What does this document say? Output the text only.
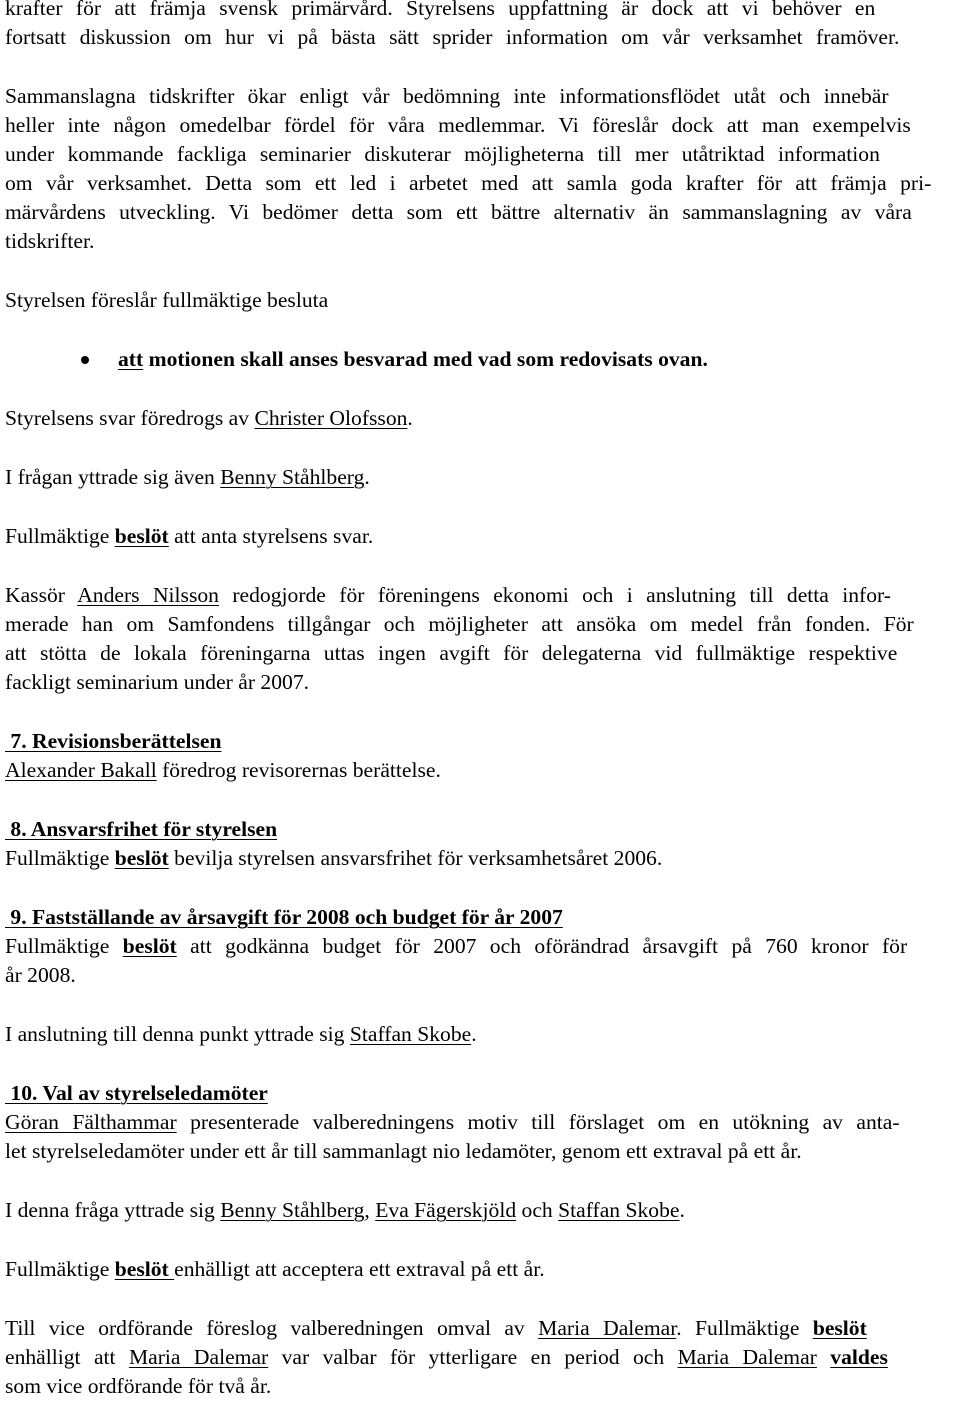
krafter för att främja svensk primärvård. Styrelsens uppfattning är dock att vi behöver en
fortsatt diskussion om hur vi på bästa sätt sprider information om vår verksamhet framöver.
Sammanslagna tidskrifter ökar enligt vår bedömning inte informationsflödet utåt och innebär
heller inte någon omedelbar fördel för våra medlemmar. Vi föreslår dock att man exempelvis
under kommande fackliga seminarier diskuterar möjligheterna till mer utåtriktad information
om vår verksamhet. Detta som ett led i arbetet med att samla goda krafter för att främja pri-
märvårdens utveckling. Vi bedömer detta som ett bättre alternativ än sammanslagning av våra
tidskrifter.
Styrelsen föreslår fullmäktige besluta
att motionen skall anses besvarad med vad som redovisats ovan.
Styrelsens svar föredrogs av Christer Olofsson.
I frågan yttrade sig även Benny Ståhlberg.
Fullmäktige beslöt att anta styrelsens svar.
Kassör Anders Nilsson redogjorde för föreningens ekonomi och i anslutning till detta infor-
merade han om Samfondens tillgångar och möjligheter att ansöka om medel från fonden. För
att stötta de lokala föreningarna uttas ingen avgift för delegaterna vid fullmäktige respektive
fackligt seminarium under år 2007.
7. Revisionsberättelsen
Alexander Bakall föredrog revisorernas berättelse.
8. Ansvarsfrihet för styrelsen
Fullmäktige beslöt bevilja styrelsen ansvarsfrihet för verksamhetsåret 2006.
9. Fastställande av årsavgift för 2008 och budget för år 2007
Fullmäktige beslöt att godkänna budget för 2007 och oförändrad årsavgift på 760 kronor för
år 2008.
I anslutning till denna punkt yttrade sig Staffan Skobe.
10. Val av styrelseledamöter
Göran Fälthammar presenterade valberedningens motiv till förslaget om en utökning av anta-
let styrelseledamöter under ett år till sammanlagt nio ledamöter, genom ett extraval på ett år.
I denna fråga yttrade sig Benny Ståhlberg, Eva Fägerskjöld och Staffan Skobe.
Fullmäktige beslöt enhälligt att acceptera ett extraval på ett år.
Till vice ordförande föreslog valberedningen omval av Maria Dalemar. Fullmäktige beslöt
enhälligt att Maria Dalemar var valbar för ytterligare en period och Maria Dalemar valdes
som vice ordförande för två år.
